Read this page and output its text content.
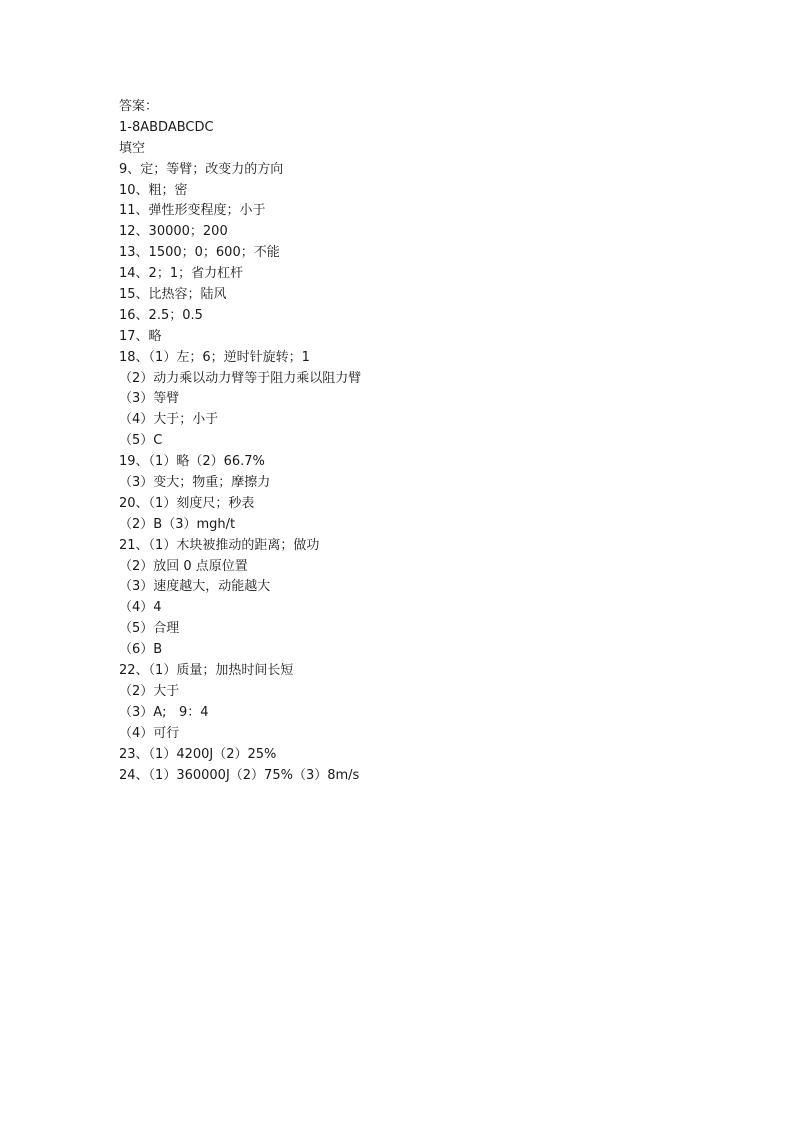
答案：
1-8ABDABCDC
填空
9、定；等臂；改变力的方向
10、粗；密
11、弹性形变程度；小于
12、30000；200
13、1500；0；600；不能
14、2；1；省力杠杆
15、比热容；陆风
16、2.5；0.5
17、略
18、（1）左；6；逆时针旋转；1
（2）动力乘以动力臂等于阻力乘以阻力臂
（3）等臂
（4）大于；小于
（5）C
19、（1）略（2）66.7%
（3）变大；物重；摩擦力
20、（1）刻度尺；秒表
（2）B（3）mgh/t
21、（1）木块被推动的距离；做功
（2）放回 0 点原位置
（3）速度越大，动能越大
（4）4
（5）合理
（6）B
22、（1）质量；加热时间长短
（2）大于
（3）A;   9：4
（4）可行
23、（1）4200J（2）25%
24、（1）360000J（2）75%（3）8m/s
